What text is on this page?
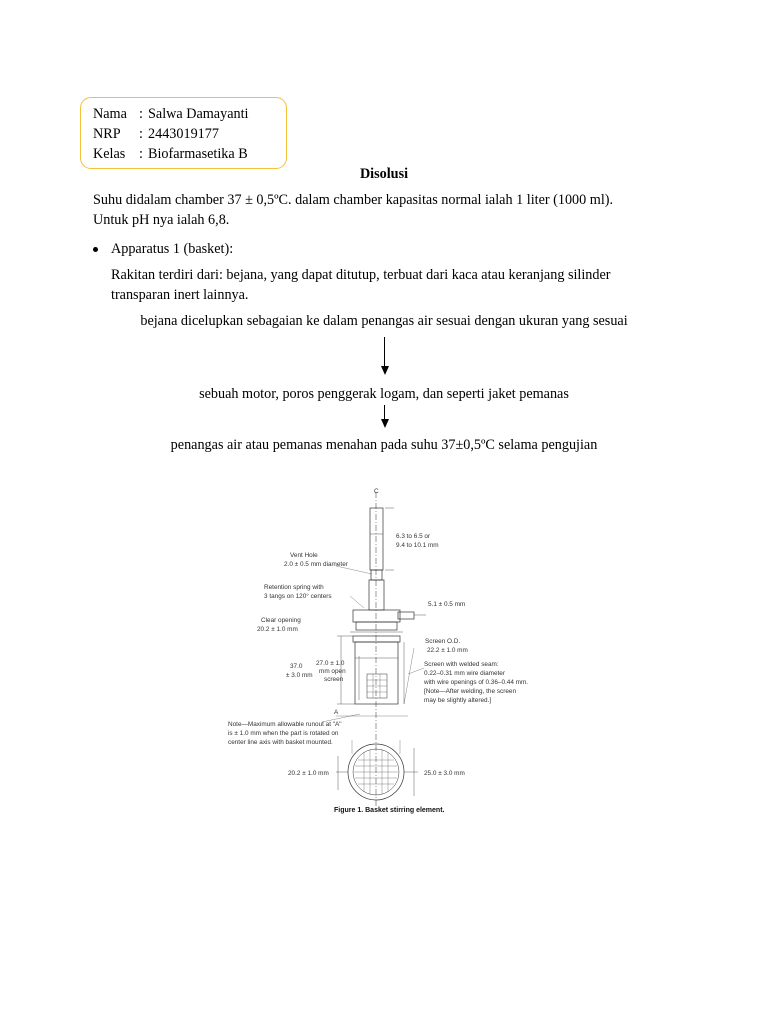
Nama : Salwa Damayanti
NRP : 2443019177
Kelas : Biofarmasetika B
Disolusi
Suhu didalam chamber 37 ± 0,5ºC. dalam chamber kapasitas normal ialah 1 liter (1000 ml).
Untuk pH nya ialah 6,8.
Apparatus 1 (basket):
Rakitan terdiri dari: bejana, yang dapat ditutup, terbuat dari kaca atau keranjang silinder
transparan inert lainnya.
bejana dicelupkan sebagaian ke dalam penangas air sesuai dengan ukuran yang sesuai
sebuah motor, poros penggerak logam, dan seperti jaket pemanas
penangas air atau pemanas menahan pada suhu 37±0,5ºC selama pengujian
C
6.3 to 6.5 or
9.4 to 10.1 mm
Vent Hole
2.0 ± 0.5 mm diameter
Retention spring with
3 tangs on 120° centers
5.1 ± 0.5 mm
Clear opening
20.2 ± 1.0 mm
Screen O.D.
22.2 ± 1.0 mm
37.0
± 3.0 mm
27.0 ± 1.0
mm open
screen
Screen with welded seam:
0.22–0.31 mm wire diameter
with wire openings of 0.36–0.44 mm.
[Note—After welding, the screen
may be slightly altered.]
A
Note—Maximum allowable runout at "A"
is ± 1.0 mm when the part is rotated on
center line axis with basket mounted.
20.2 ± 1.0 mm	25.0 ± 3.0 mm
Figure 1. Basket stirring element.
